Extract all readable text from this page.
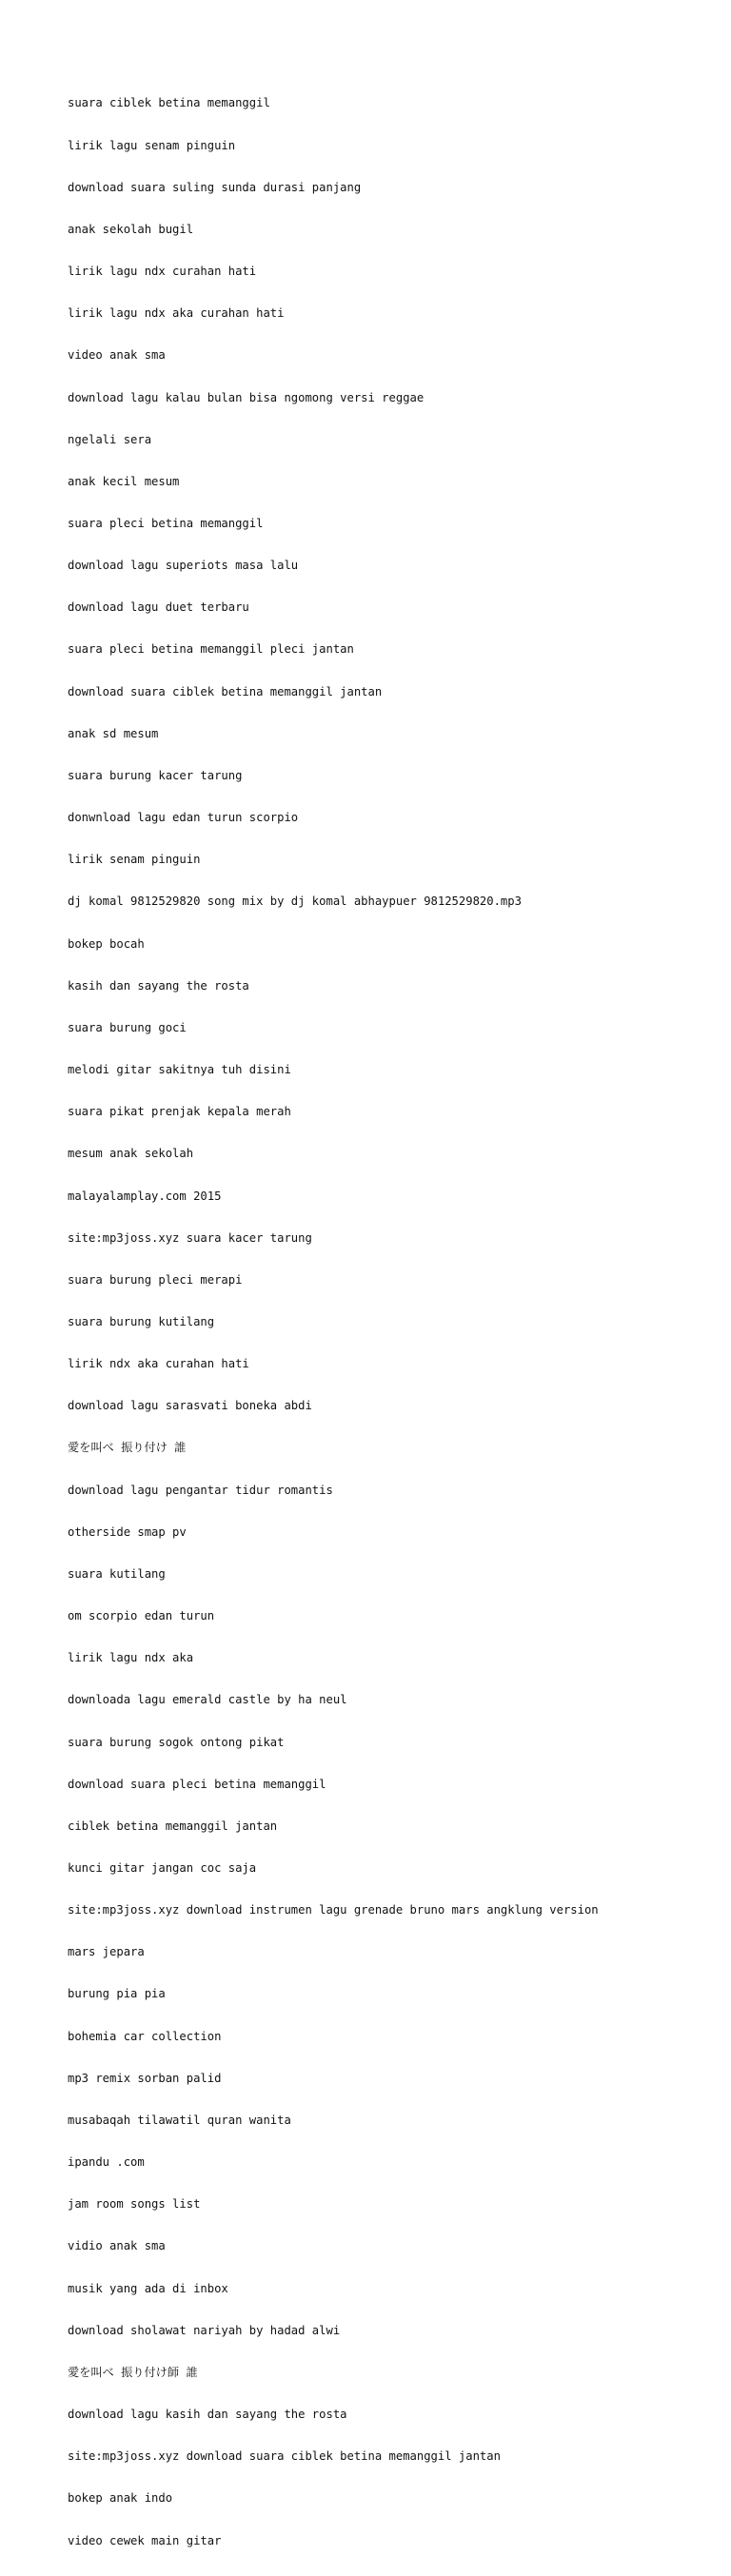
suara ciblek betina memanggil

lirik lagu senam pinguin

download suara suling sunda durasi panjang

anak sekolah bugil

lirik lagu ndx curahan hati

lirik lagu ndx aka curahan hati

video anak sma

download lagu kalau bulan bisa ngomong versi reggae

ngelali sera

anak kecil mesum

suara pleci betina memanggil

download lagu superiots masa lalu

download lagu duet terbaru

suara pleci betina memanggil pleci jantan

download suara ciblek betina memanggil jantan

anak sd mesum

suara burung kacer tarung

donwnload lagu edan turun scorpio

lirik senam pinguin

dj komal 9812529820 song mix by dj komal abhaypuer 9812529820.mp3

bokep bocah

kasih dan sayang the rosta

suara burung goci

melodi gitar sakitnya tuh disini

suara pikat prenjak kepala merah

mesum anak sekolah

malayalamplay.com 2015

site:mp3joss.xyz suara kacer tarung

suara burung pleci merapi

suara burung kutilang

lirik ndx aka curahan hati

download lagu sarasvati boneka abdi

愛を叫べ 振り付け 誰

download lagu pengantar tidur romantis

otherside smap pv

suara kutilang

om scorpio edan turun

lirik lagu ndx aka

downloada lagu emerald castle by ha neul

suara burung sogok ontong pikat

download suara pleci betina memanggil

ciblek betina memanggil jantan

kunci gitar jangan coc saja

site:mp3joss.xyz download instrumen lagu grenade bruno mars angklung version

mars jepara

burung pia pia

bohemia car collection

mp3 remix sorban palid

musabaqah tilawatil quran wanita

ipandu .com

jam room songs list

vidio anak sma

musik yang ada di inbox

download sholawat nariyah by hadad alwi

愛を叫べ 振り付け師 誰

download lagu kasih dan sayang the rosta

site:mp3joss.xyz download suara ciblek betina memanggil jantan

bokep anak indo

video cewek main gitar
